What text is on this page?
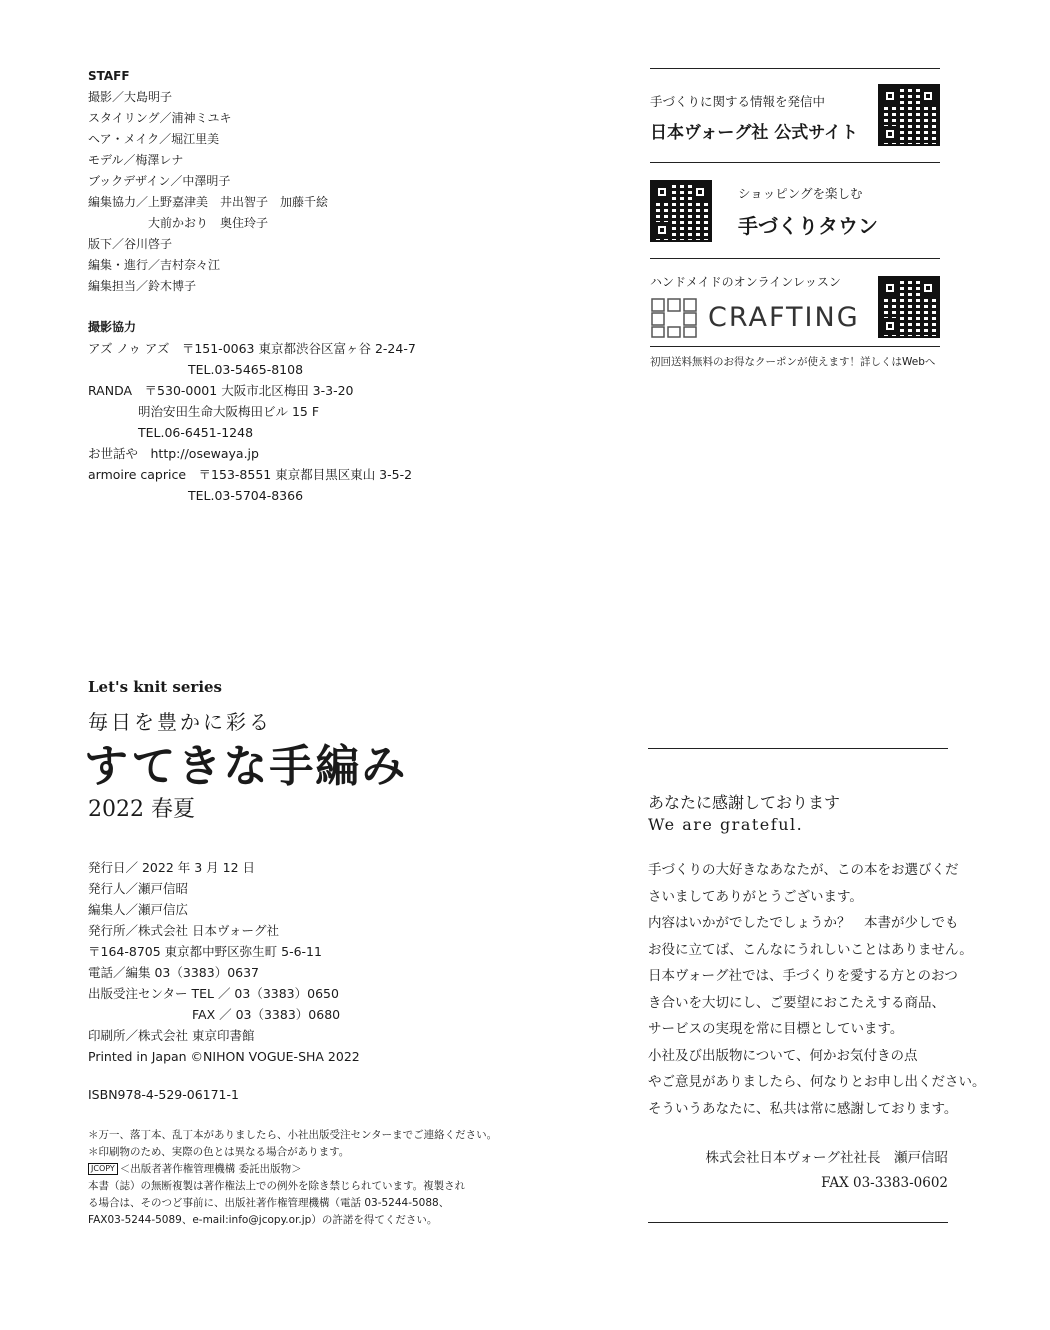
STAFF
撮影／大島明子
スタイリング／浦神ミユキ
ヘア・メイク／堀江里美
モデル／梅澤レナ
ブックデザイン／中澤明子
編集協力／上野嘉津美　井出智子　加藤千絵
　　　　　大前かおり　奥住玲子
版下／谷川啓子
編集・進行／吉村奈々江
編集担当／鈴木博子
撮影協力
アズ ノゥ アズ　〒151-0063 東京都渋谷区富ヶ谷 2-24-7
　　　　　　　　TEL.03-5465-8108
RANDA　〒530-0001 大阪市北区梅田 3-3-20
　　　　明治安田生命大阪梅田ビル 15 F
　　　　TEL.06-6451-1248
お世話や　http://osewaya.jp
armoire caprice　〒153-8551 東京都目黒区東山 3-5-2
　　　　　　　　TEL.03-5704-8366
手づくりに関する情報を発信中
日本ヴォーグ社 公式サイト
ショッピングを楽しむ
手づくりタウン
ハンドメイドのオンラインレッスン
CRAFTING
初回送料無料のお得なクーポンが使えます！詳しくはWebへ
Let's knit series
毎日を豊かに彩る
すてきな手編み
2022 春夏
発行日／ 2022 年 3 月 12 日
発行人／瀬戸信昭
編集人／瀬戸信広
発行所／株式会社 日本ヴォーグ社
〒164-8705 東京都中野区弥生町 5-6-11
電話／編集 03（3383）0637
出版受注センター TEL ／ 03（3383）0650
　　　　　　　　 FAX ／ 03（3383）0680
印刷所／株式会社 東京印書館
Printed in Japan ©NIHON VOGUE-SHA 2022
ISBN978-4-529-06171-1
＊万一、落丁本、乱丁本がありましたら、小社出版受注センターまでご連絡ください。
＊印刷物のため、実際の色とは異なる場合があります。
JCOPY ＜出版者著作権管理機構 委託出版物＞
本書（誌）の無断複製は著作権法上での例外を除き禁じられています。複製され
る場合は、そのつど事前に、出版社著作権管理機構（電話 03-5244-5088、
FAX03-5244-5089、e-mail:info@jcopy.or.jp）の許諾を得てください。
あなたに感謝しております
We are grateful.
手づくりの大好きなあなたが、この本をお選びくだ
さいましてありがとうございます。
内容はいかがでしたでしょうか？　本書が少しでも
お役に立てば、こんなにうれしいことはありません。
日本ヴォーグ社では、手づくりを愛する方とのおつ
き合いを大切にし、ご要望におこたえする商品、
サービスの実現を常に目標としています。
小社及び出版物について、何かお気付きの点
やご意見がありましたら、何なりとお申し出ください。
そういうあなたに、私共は常に感謝しております。
株式会社日本ヴォーグ社社長　瀬戸信昭
FAX 03-3383-0602
